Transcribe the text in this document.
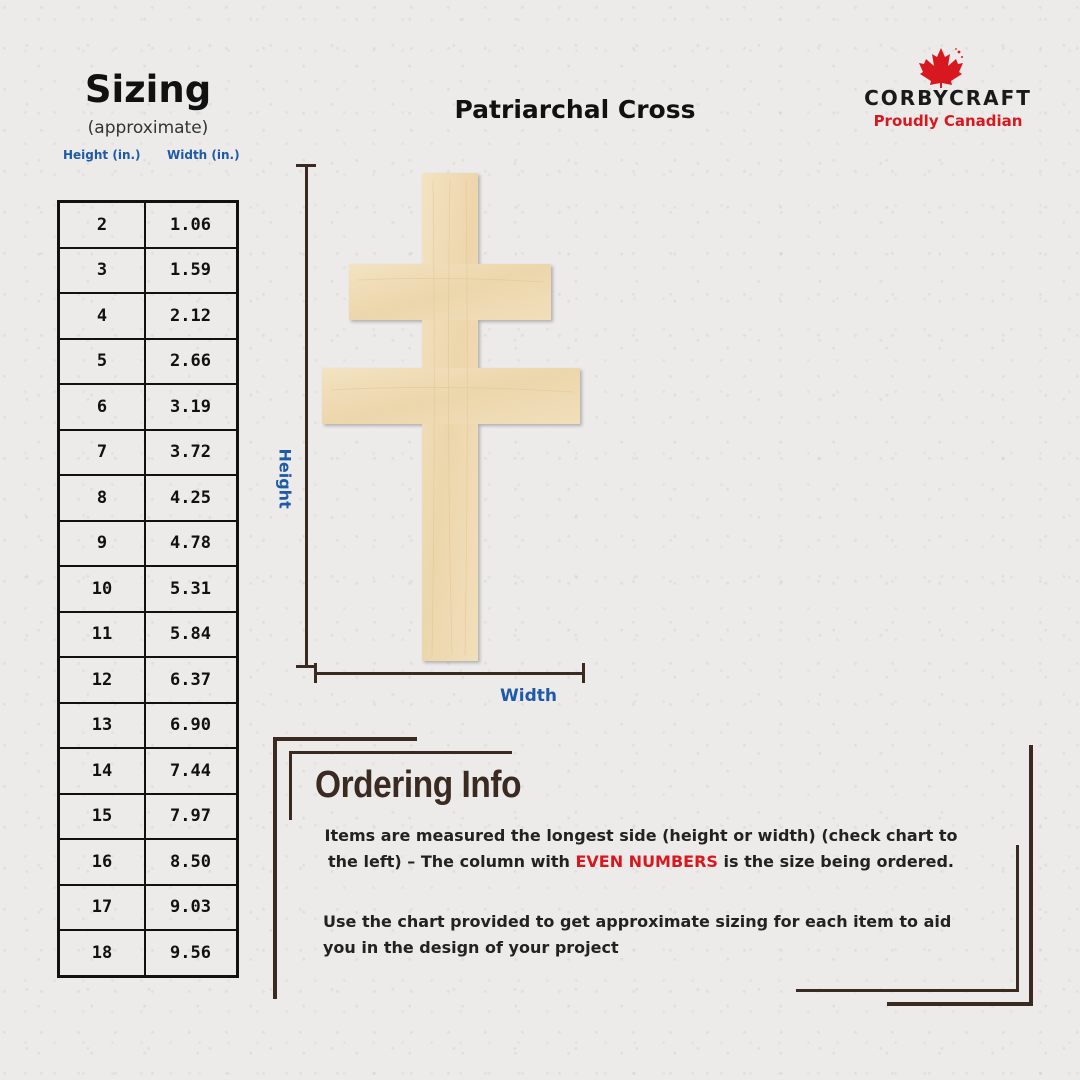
Sizing
(approximate)
Height (in.) Width (in.)
2	1.06
3	1.59
4	2.12
5	2.66
6	3.19
7	3.72
8	4.25
9	4.78
10	5.31
11	5.84
12	6.37
13	6.90
14	7.44
15	7.97
16	8.50
17	9.03
18	9.56
Patriarchal Cross
Height
Width
CORBYCRAFT
Proudly Canadian
Ordering Info
Items are measured the longest side (height or width) (check chart to the left) – The column with EVEN NUMBERS is the size being ordered.
Use the chart provided to get approximate sizing for each item to aid you in the design of your project
